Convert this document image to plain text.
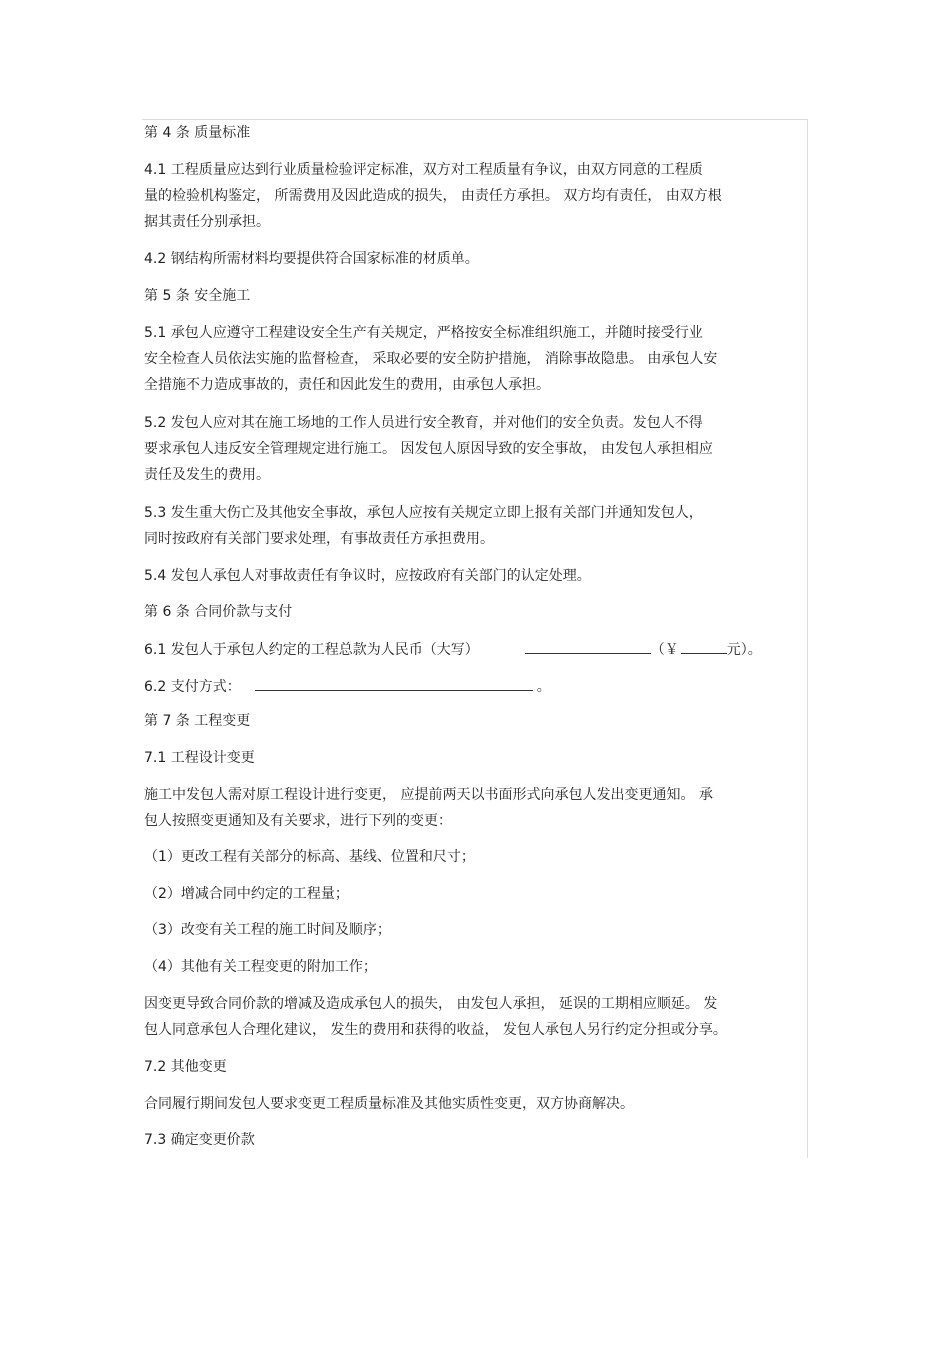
第 4 条 质量标准
4.1 工程质量应达到行业质量检验评定标准，双方对工程质量有争议，由双方同意的工程质
量的检验机构鉴定， 所需费用及因此造成的损失， 由责任方承担。 双方均有责任， 由双方根
据其责任分别承担。
4.2 钢结构所需材料均要提供符合国家标准的材质单。
第 5 条 安全施工
5.1 承包人应遵守工程建设安全生产有关规定，严格按安全标准组织施工，并随时接受行业
安全检查人员依法实施的监督检查， 采取必要的安全防护措施， 消除事故隐患。 由承包人安
全措施不力造成事故的，责任和因此发生的费用，由承包人承担。
5.2 发包人应对其在施工场地的工作人员进行安全教育，并对他们的安全负责。发包人不得
要求承包人违反安全管理规定进行施工。 因发包人原因导致的安全事故， 由发包人承担相应
责任及发生的费用。
5.3 发生重大伤亡及其他安全事故，承包人应按有关规定立即上报有关部门并通知发包人，
同时按政府有关部门要求处理，有事故责任方承担费用。
5.4 发包人承包人对事故责任有争议时，应按政府有关部门的认定处理。
第 6 条 合同价款与支付
6.1 发包人于承包人约定的工程总款为人民币（大写）	（￥	元）。
6.2 支付方式：	。
第 7 条 工程变更
7.1 工程设计变更
施工中发包人需对原工程设计进行变更， 应提前两天以书面形式向承包人发出变更通知。 承
包人按照变更通知及有关要求，进行下列的变更：
（1）更改工程有关部分的标高、基线、位置和尺寸；
（2）增减合同中约定的工程量；
（3）改变有关工程的施工时间及顺序；
（4）其他有关工程变更的附加工作；
因变更导致合同价款的增减及造成承包人的损失， 由发包人承担， 延误的工期相应顺延。 发
包人同意承包人合理化建议， 发生的费用和获得的收益， 发包人承包人另行约定分担或分享。
7.2 其他变更
合同履行期间发包人要求变更工程质量标准及其他实质性变更，双方协商解决。
7.3 确定变更价款
